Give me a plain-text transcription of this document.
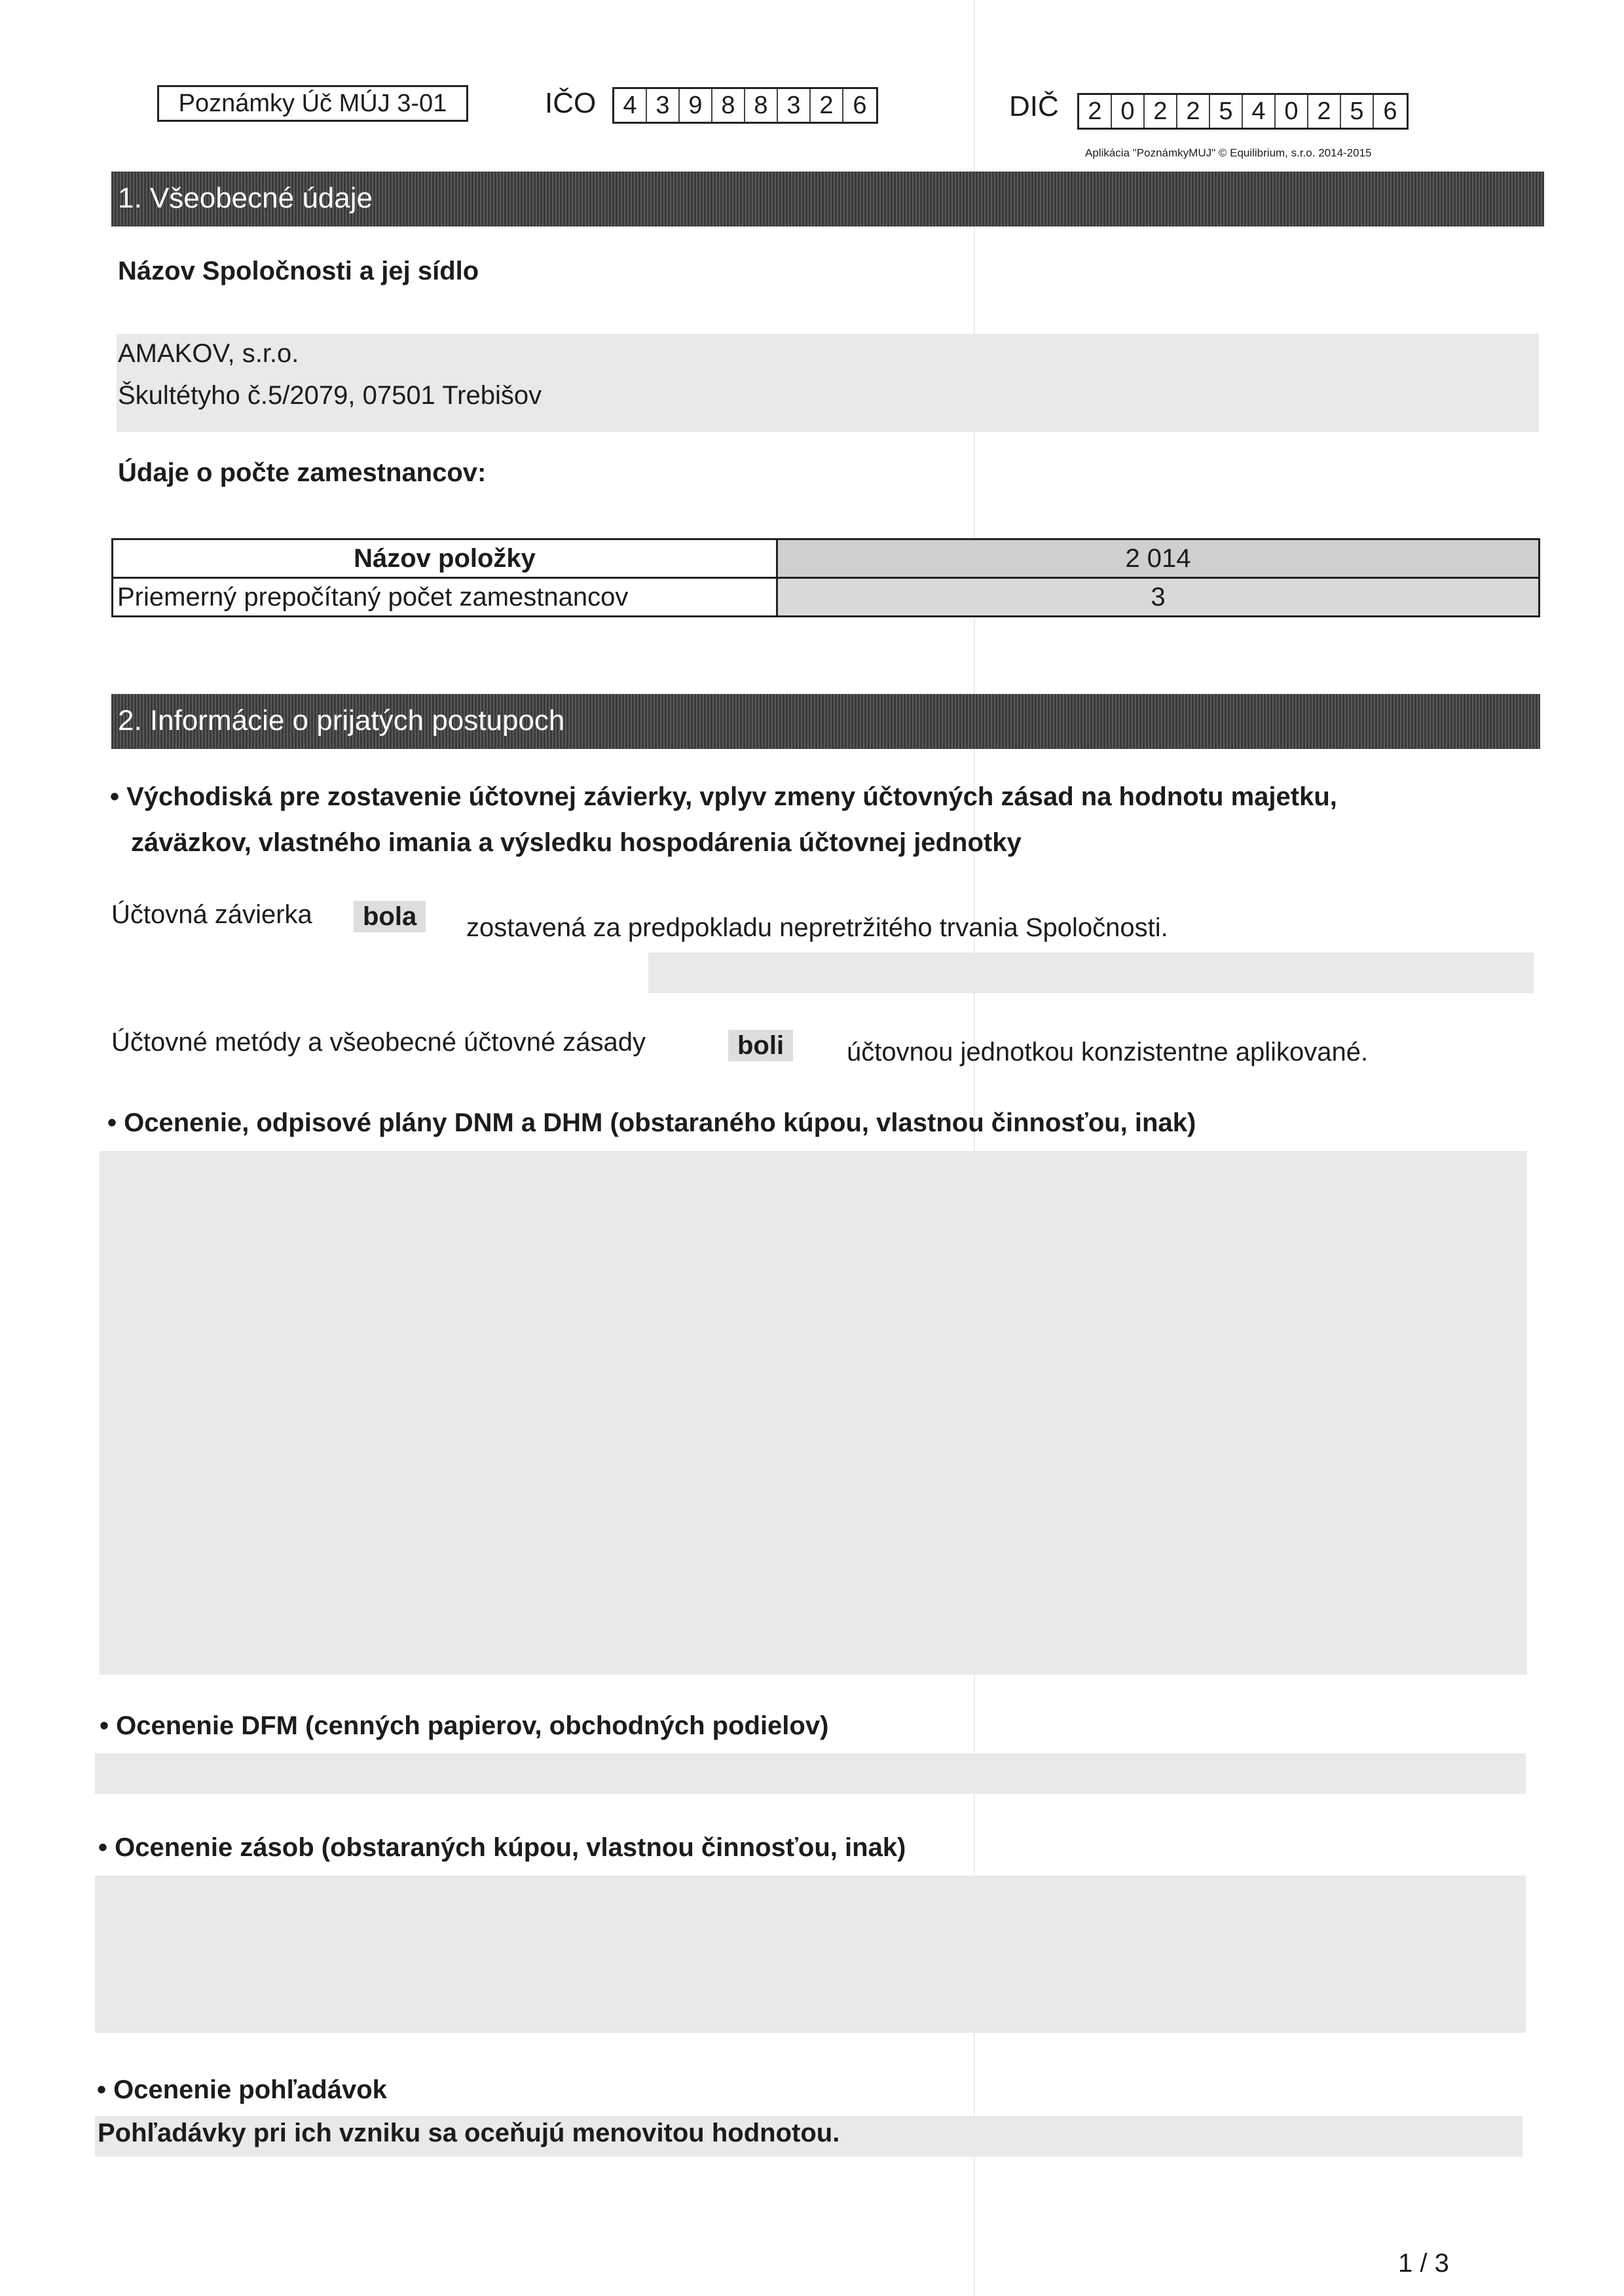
Poznámky Úč MÚJ 3-01	IČO	4 3 9 8 8 3 2 6	DIČ	2 0 2 2 5 4 0 2 5 6
Aplikácia "PoznámkyMUJ" © Equilibrium, s.r.o. 2014-2015
1. Všeobecné údaje
Názov Spoločnosti a jej sídlo
AMAKOV, s.r.o.
Škultétyho č.5/2079, 07501 Trebišov
Údaje o počte zamestnancov:
Názov položky	2 014
Priemerný prepočítaný počet zamestnancov	3
2. Informácie o prijatých postupoch
• Východiská pre zostavenie účtovnej závierky, vplyv zmeny účtovných zásad na hodnotu majetku,
záväzkov, vlastného imania a výsledku hospodárenia účtovnej jednotky
Účtovná závierka	bola	zostavená za predpokladu nepretržitého trvania Spoločnosti.
Účtovné metódy a všeobecné účtovné zásady	boli	účtovnou jednotkou konzistentne aplikované.
• Ocenenie, odpisové plány DNM a DHM (obstaraného kúpou, vlastnou činnosťou, inak)
• Ocenenie DFM (cenných papierov, obchodných podielov)
• Ocenenie zásob (obstaraných kúpou, vlastnou činnosťou, inak)
• Ocenenie pohľadávok
Pohľadávky pri ich vzniku sa oceňujú menovitou hodnotou.
1 / 3
